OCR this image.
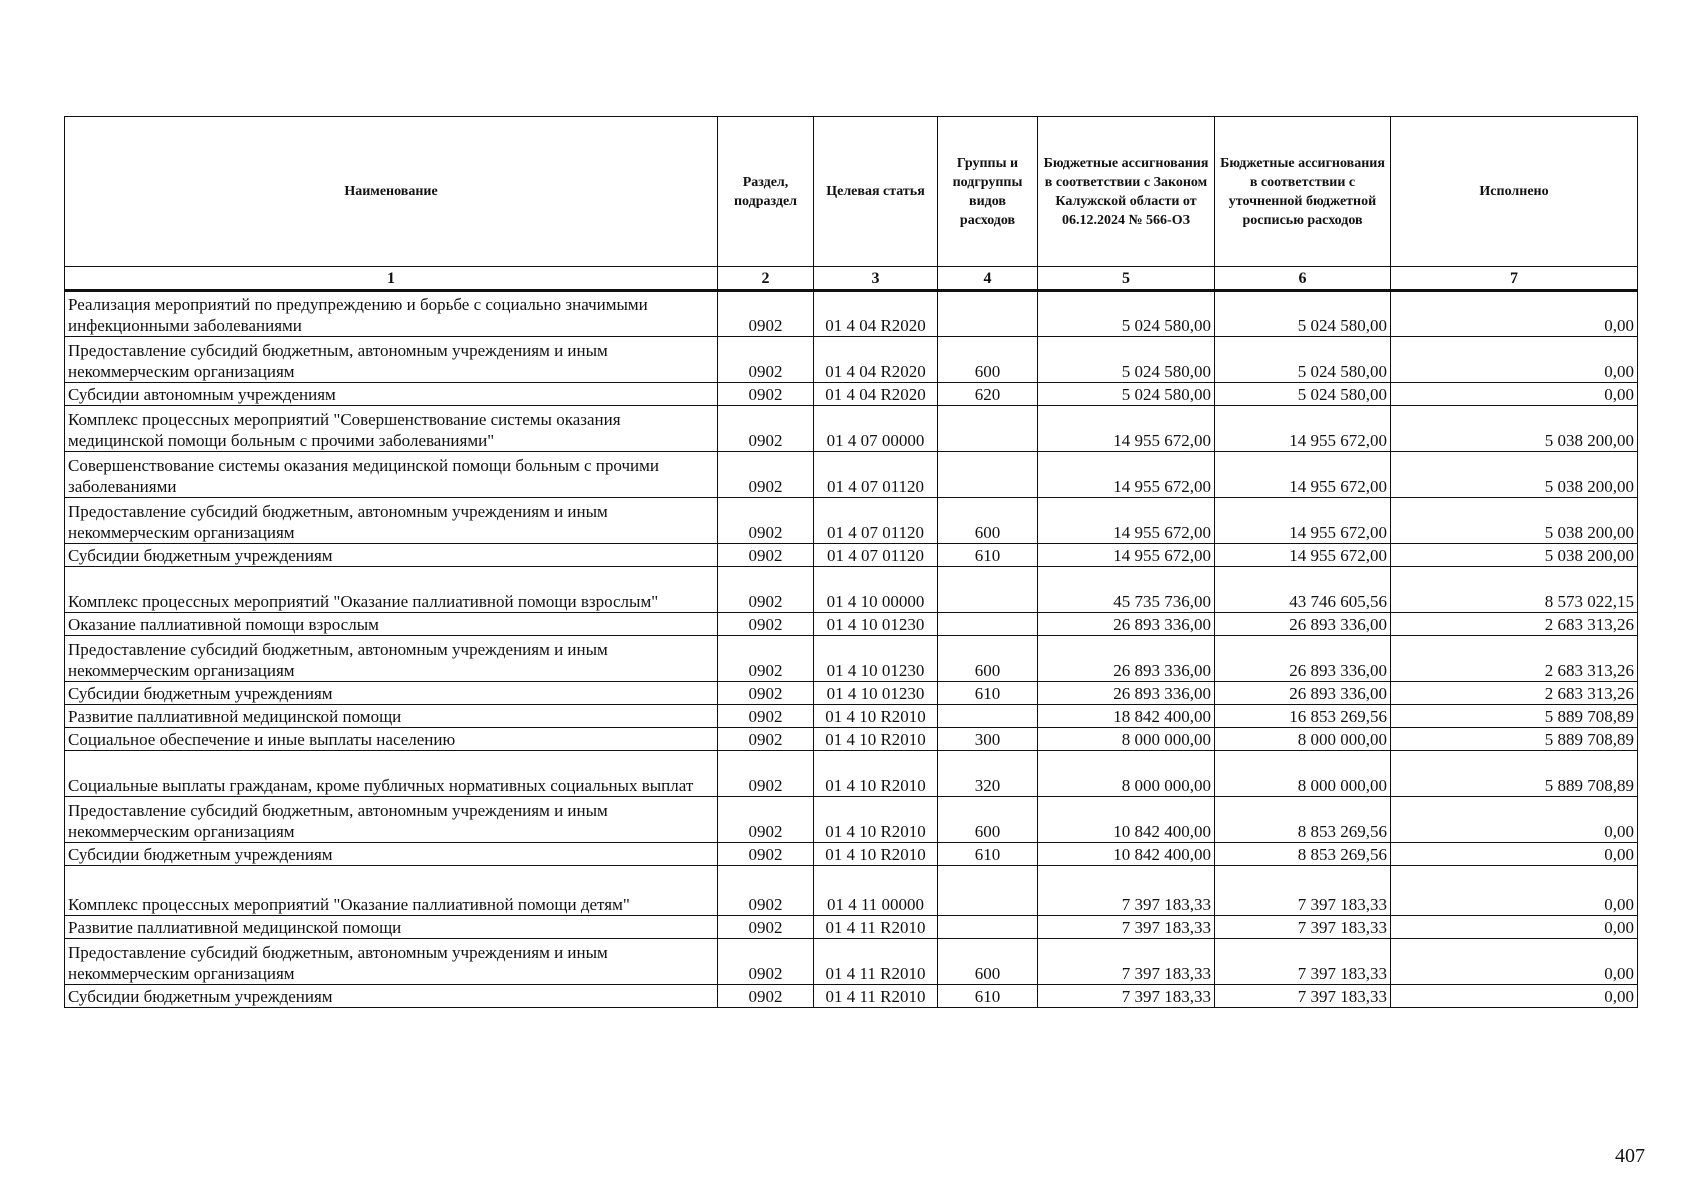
Наименование	Раздел, подраздел	Целевая статья	Группы и подгруппы видов расходов	Бюджетные ассигнования в соответствии с Законом Калужской области от 06.12.2024 № 566-ОЗ	Бюджетные ассигнования в соответствии с уточненной бюджетной росписью расходов	Исполнено
1	2	3	4	5	6	7
Реализация мероприятий по предупреждению и борьбе с социально значимыми инфекционными заболеваниями	0902	01 4 04 R2020		5 024 580,00	5 024 580,00	0,00
Предоставление субсидий бюджетным, автономным учреждениям и иным некоммерческим организациям	0902	01 4 04 R2020	600	5 024 580,00	5 024 580,00	0,00
Субсидии автономным учреждениям	0902	01 4 04 R2020	620	5 024 580,00	5 024 580,00	0,00
Комплекс процессных мероприятий "Совершенствование системы оказания медицинской помощи больным с прочими заболеваниями"	0902	01 4 07 00000		14 955 672,00	14 955 672,00	5 038 200,00
Совершенствование системы оказания медицинской помощи больным с прочими заболеваниями	0902	01 4 07 01120		14 955 672,00	14 955 672,00	5 038 200,00
Предоставление субсидий бюджетным, автономным учреждениям и иным некоммерческим организациям	0902	01 4 07 01120	600	14 955 672,00	14 955 672,00	5 038 200,00
Субсидии бюджетным учреждениям	0902	01 4 07 01120	610	14 955 672,00	14 955 672,00	5 038 200,00
Комплекс процессных мероприятий "Оказание паллиативной помощи взрослым"	0902	01 4 10 00000		45 735 736,00	43 746 605,56	8 573 022,15
Оказание паллиативной помощи взрослым	0902	01 4 10 01230		26 893 336,00	26 893 336,00	2 683 313,26
Предоставление субсидий бюджетным, автономным учреждениям и иным некоммерческим организациям	0902	01 4 10 01230	600	26 893 336,00	26 893 336,00	2 683 313,26
Субсидии бюджетным учреждениям	0902	01 4 10 01230	610	26 893 336,00	26 893 336,00	2 683 313,26
Развитие паллиативной медицинской помощи	0902	01 4 10 R2010		18 842 400,00	16 853 269,56	5 889 708,89
Социальное обеспечение и иные выплаты населению	0902	01 4 10 R2010	300	8 000 000,00	8 000 000,00	5 889 708,89
Социальные выплаты гражданам, кроме публичных нормативных социальных выплат	0902	01 4 10 R2010	320	8 000 000,00	8 000 000,00	5 889 708,89
Предоставление субсидий бюджетным, автономным учреждениям и иным некоммерческим организациям	0902	01 4 10 R2010	600	10 842 400,00	8 853 269,56	0,00
Субсидии бюджетным учреждениям	0902	01 4 10 R2010	610	10 842 400,00	8 853 269,56	0,00
Комплекс процессных мероприятий "Оказание паллиативной помощи детям"	0902	01 4 11 00000		7 397 183,33	7 397 183,33	0,00
Развитие паллиативной медицинской помощи	0902	01 4 11 R2010		7 397 183,33	7 397 183,33	0,00
Предоставление субсидий бюджетным, автономным учреждениям и иным некоммерческим организациям	0902	01 4 11 R2010	600	7 397 183,33	7 397 183,33	0,00
Субсидии бюджетным учреждениям	0902	01 4 11 R2010	610	7 397 183,33	7 397 183,33	0,00
407
